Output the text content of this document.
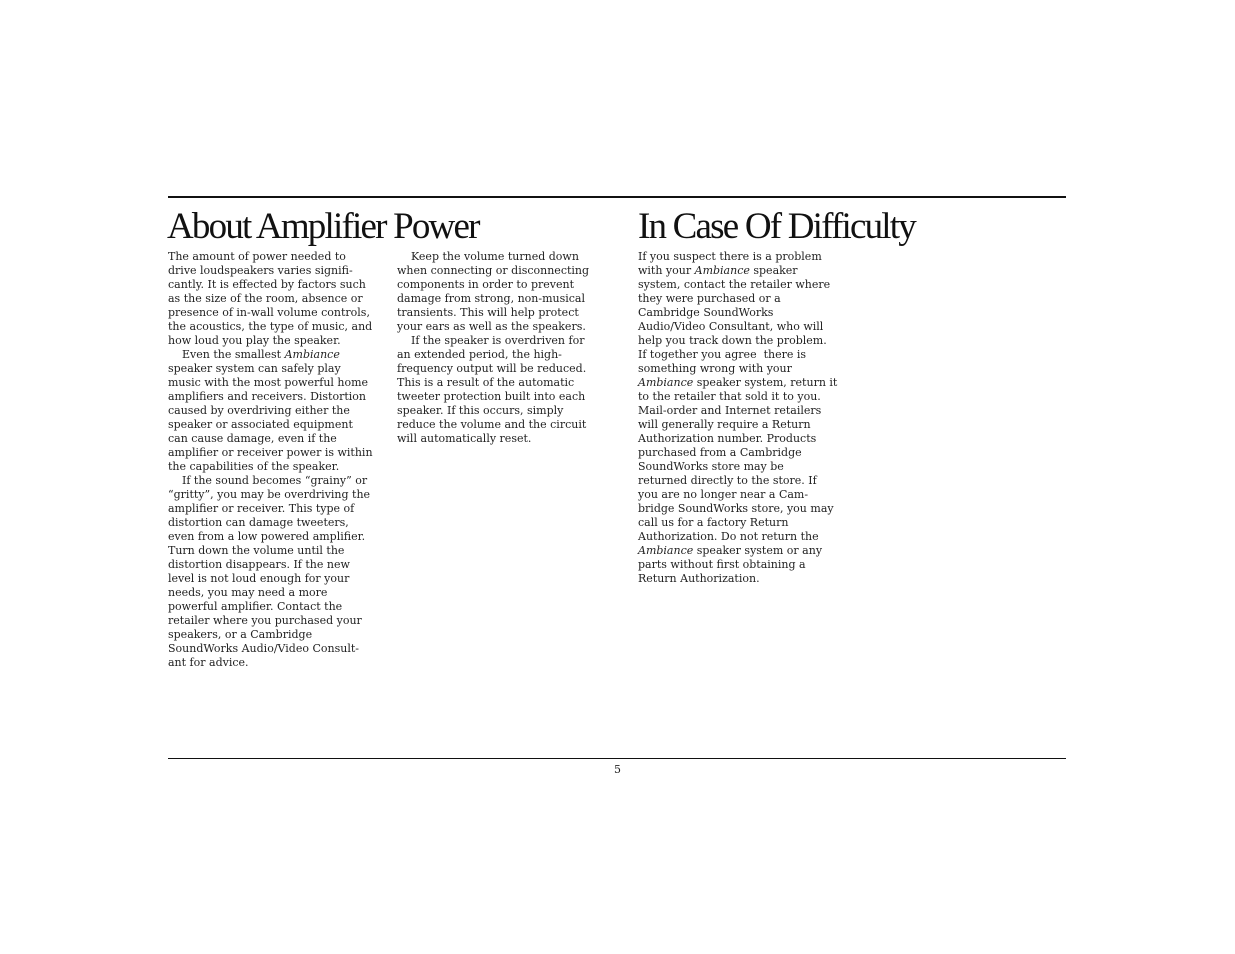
About Amplifier Power	In Case Of Difficulty

The amount of power needed to
drive loudspeakers varies signifi-
cantly. It is effected by factors such
as the size of the room, absence or
presence of in-wall volume controls,
the acoustics, the type of music, and
how loud you play the speaker.

Even the smallest Ambiance
speaker system can safely play
music with the most powerful home
amplifiers and receivers. Distortion
caused by overdriving either the
speaker or associated equipment
can cause damage, even if the
amplifier or receiver power is within
the capabilities of the speaker.

If the sound becomes “grainy” or
“gritty”, you may be overdriving the
amplifier or receiver. This type of
distortion can damage tweeters,
even from a low powered amplifier.
Turn down the volume until the
distortion disappears. If the new
level is not loud enough for your
needs, you may need a more
powerful amplifier. Contact the
retailer where you purchased your
speakers, or a Cambridge
SoundWorks Audio/Video Consult-
ant for advice.

Keep the volume turned down
when connecting or disconnecting
components in order to prevent
damage from strong, non-musical
transients. This will help protect
your ears as well as the speakers.

If the speaker is overdriven for
an extended period, the high-
frequency output will be reduced.
This is a result of the automatic
tweeter protection built into each
speaker. If this occurs, simply
reduce the volume and the circuit
will automatically reset.

If you suspect there is a problem
with your Ambiance speaker
system, contact the retailer where
they were purchased or a
Cambridge SoundWorks
Audio/Video Consultant, who will
help you track down the problem.
If together you agree  there is
something wrong with your
Ambiance speaker system, return it
to the retailer that sold it to you.
Mail-order and Internet retailers
will generally require a Return
Authorization number. Products
purchased from a Cambridge
SoundWorks store may be
returned directly to the store. If
you are no longer near a Cam-
bridge SoundWorks store, you may
call us for a factory Return
Authorization. Do not return the
Ambiance speaker system or any
parts without first obtaining a
Return Authorization.

5
